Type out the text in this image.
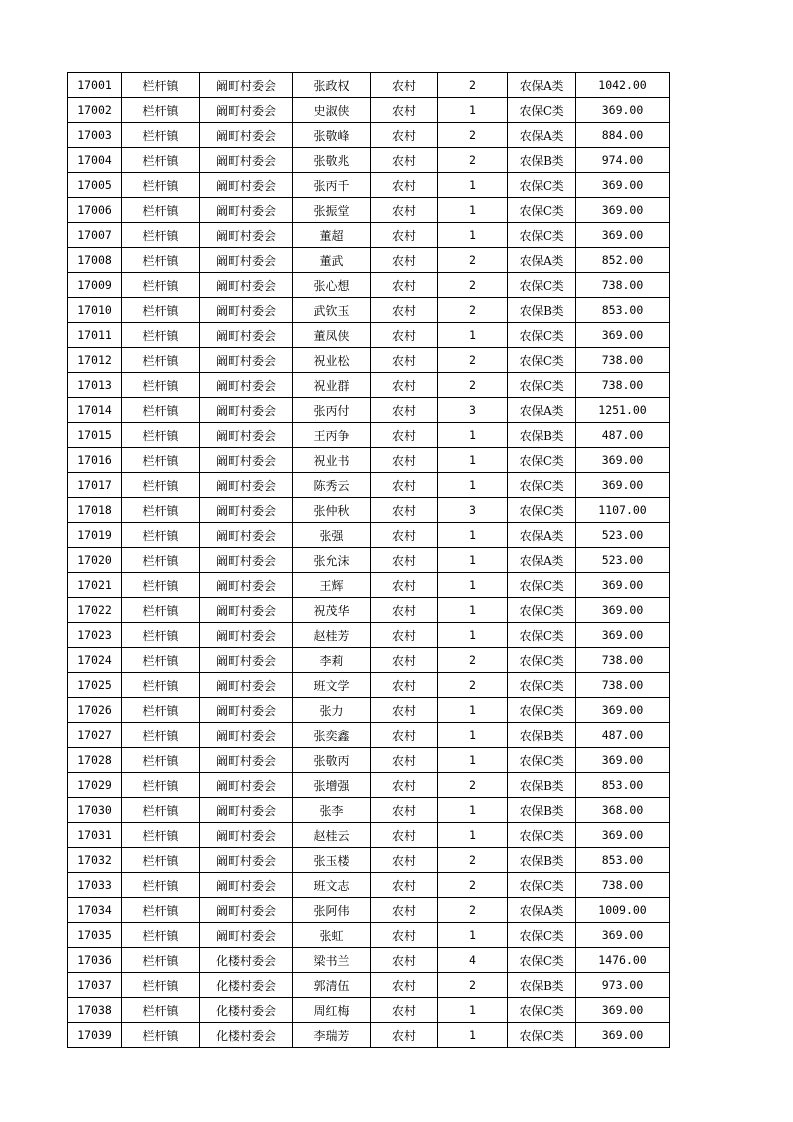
17001	栏杆镇	阚町村委会	张政权	农村	2	农保A类	1042.00
17002	栏杆镇	阚町村委会	史淑侠	农村	1	农保C类	369.00
17003	栏杆镇	阚町村委会	张敬峰	农村	2	农保A类	884.00
17004	栏杆镇	阚町村委会	张敬兆	农村	2	农保B类	974.00
17005	栏杆镇	阚町村委会	张丙千	农村	1	农保C类	369.00
17006	栏杆镇	阚町村委会	张振堂	农村	1	农保C类	369.00
17007	栏杆镇	阚町村委会	董超	农村	1	农保C类	369.00
17008	栏杆镇	阚町村委会	董武	农村	2	农保A类	852.00
17009	栏杆镇	阚町村委会	张心想	农村	2	农保C类	738.00
17010	栏杆镇	阚町村委会	武钦玉	农村	2	农保B类	853.00
17011	栏杆镇	阚町村委会	董凤侠	农村	1	农保C类	369.00
17012	栏杆镇	阚町村委会	祝业松	农村	2	农保C类	738.00
17013	栏杆镇	阚町村委会	祝业群	农村	2	农保C类	738.00
17014	栏杆镇	阚町村委会	张丙付	农村	3	农保A类	1251.00
17015	栏杆镇	阚町村委会	王丙争	农村	1	农保B类	487.00
17016	栏杆镇	阚町村委会	祝业书	农村	1	农保C类	369.00
17017	栏杆镇	阚町村委会	陈秀云	农村	1	农保C类	369.00
17018	栏杆镇	阚町村委会	张仲秋	农村	3	农保C类	1107.00
17019	栏杆镇	阚町村委会	张强	农村	1	农保A类	523.00
17020	栏杆镇	阚町村委会	张允沫	农村	1	农保A类	523.00
17021	栏杆镇	阚町村委会	王辉	农村	1	农保C类	369.00
17022	栏杆镇	阚町村委会	祝茂华	农村	1	农保C类	369.00
17023	栏杆镇	阚町村委会	赵桂芳	农村	1	农保C类	369.00
17024	栏杆镇	阚町村委会	李莉	农村	2	农保C类	738.00
17025	栏杆镇	阚町村委会	班文学	农村	2	农保C类	738.00
17026	栏杆镇	阚町村委会	张力	农村	1	农保C类	369.00
17027	栏杆镇	阚町村委会	张奕鑫	农村	1	农保B类	487.00
17028	栏杆镇	阚町村委会	张敬丙	农村	1	农保C类	369.00
17029	栏杆镇	阚町村委会	张增强	农村	2	农保B类	853.00
17030	栏杆镇	阚町村委会	张李	农村	1	农保B类	368.00
17031	栏杆镇	阚町村委会	赵桂云	农村	1	农保C类	369.00
17032	栏杆镇	阚町村委会	张玉楼	农村	2	农保B类	853.00
17033	栏杆镇	阚町村委会	班文志	农村	2	农保C类	738.00
17034	栏杆镇	阚町村委会	张阿伟	农村	2	农保A类	1009.00
17035	栏杆镇	阚町村委会	张虹	农村	1	农保C类	369.00
17036	栏杆镇	化楼村委会	梁书兰	农村	4	农保C类	1476.00
17037	栏杆镇	化楼村委会	郭清伍	农村	2	农保B类	973.00
17038	栏杆镇	化楼村委会	周红梅	农村	1	农保C类	369.00
17039	栏杆镇	化楼村委会	李瑞芳	农村	1	农保C类	369.00
